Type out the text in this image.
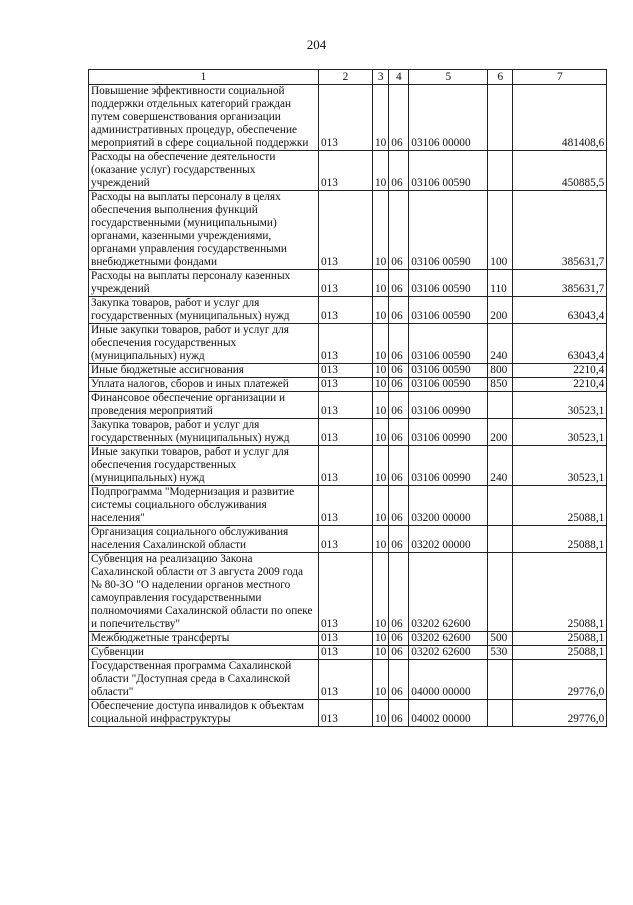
204
1	2	3	4	5	6	7
Повышение эффективности социальной поддержки отдельных категорий граждан путем совершенствования организации административных процедур, обеспечение мероприятий в сфере социальной поддержки	013	10	06	03106 00000		481408,6
Расходы на обеспечение деятельности (оказание услуг) государственных учреждений	013	10	06	03106 00590		450885,5
Расходы на выплаты персоналу в целях обеспечения выполнения функций государственными (муниципальными) органами, казенными учреждениями, органами управления государственными внебюджетными фондами	013	10	06	03106 00590	100	385631,7
Расходы на выплаты персоналу казенных учреждений	013	10	06	03106 00590	110	385631,7
Закупка товаров, работ и услуг для государственных (муниципальных) нужд	013	10	06	03106 00590	200	63043,4
Иные закупки товаров, работ и услуг для обеспечения государственных (муниципальных) нужд	013	10	06	03106 00590	240	63043,4
Иные бюджетные ассигнования	013	10	06	03106 00590	800	2210,4
Уплата налогов, сборов и иных платежей	013	10	06	03106 00590	850	2210,4
Финансовое обеспечение организации и проведения мероприятий	013	10	06	03106 00990		30523,1
Закупка товаров, работ и услуг для государственных (муниципальных) нужд	013	10	06	03106 00990	200	30523,1
Иные закупки товаров, работ и услуг для обеспечения государственных (муниципальных) нужд	013	10	06	03106 00990	240	30523,1
Подпрограмма "Модернизация и развитие системы социального обслуживания населения"	013	10	06	03200 00000		25088,1
Организация социального обслуживания населения Сахалинской области	013	10	06	03202 00000		25088,1
Субвенция на реализацию Закона Сахалинской области от 3 августа 2009 года № 80-ЗО "О наделении органов местного самоуправления государственными полномочиями Сахалинской области по опеке и попечительству"	013	10	06	03202 62600		25088,1
Межбюджетные трансферты	013	10	06	03202 62600	500	25088,1
Субвенции	013	10	06	03202 62600	530	25088,1
Государственная программа Сахалинской области "Доступная среда в Сахалинской области"	013	10	06	04000 00000		29776,0
Обеспечение доступа инвалидов к объектам социальной инфраструктуры	013	10	06	04002 00000		29776,0
